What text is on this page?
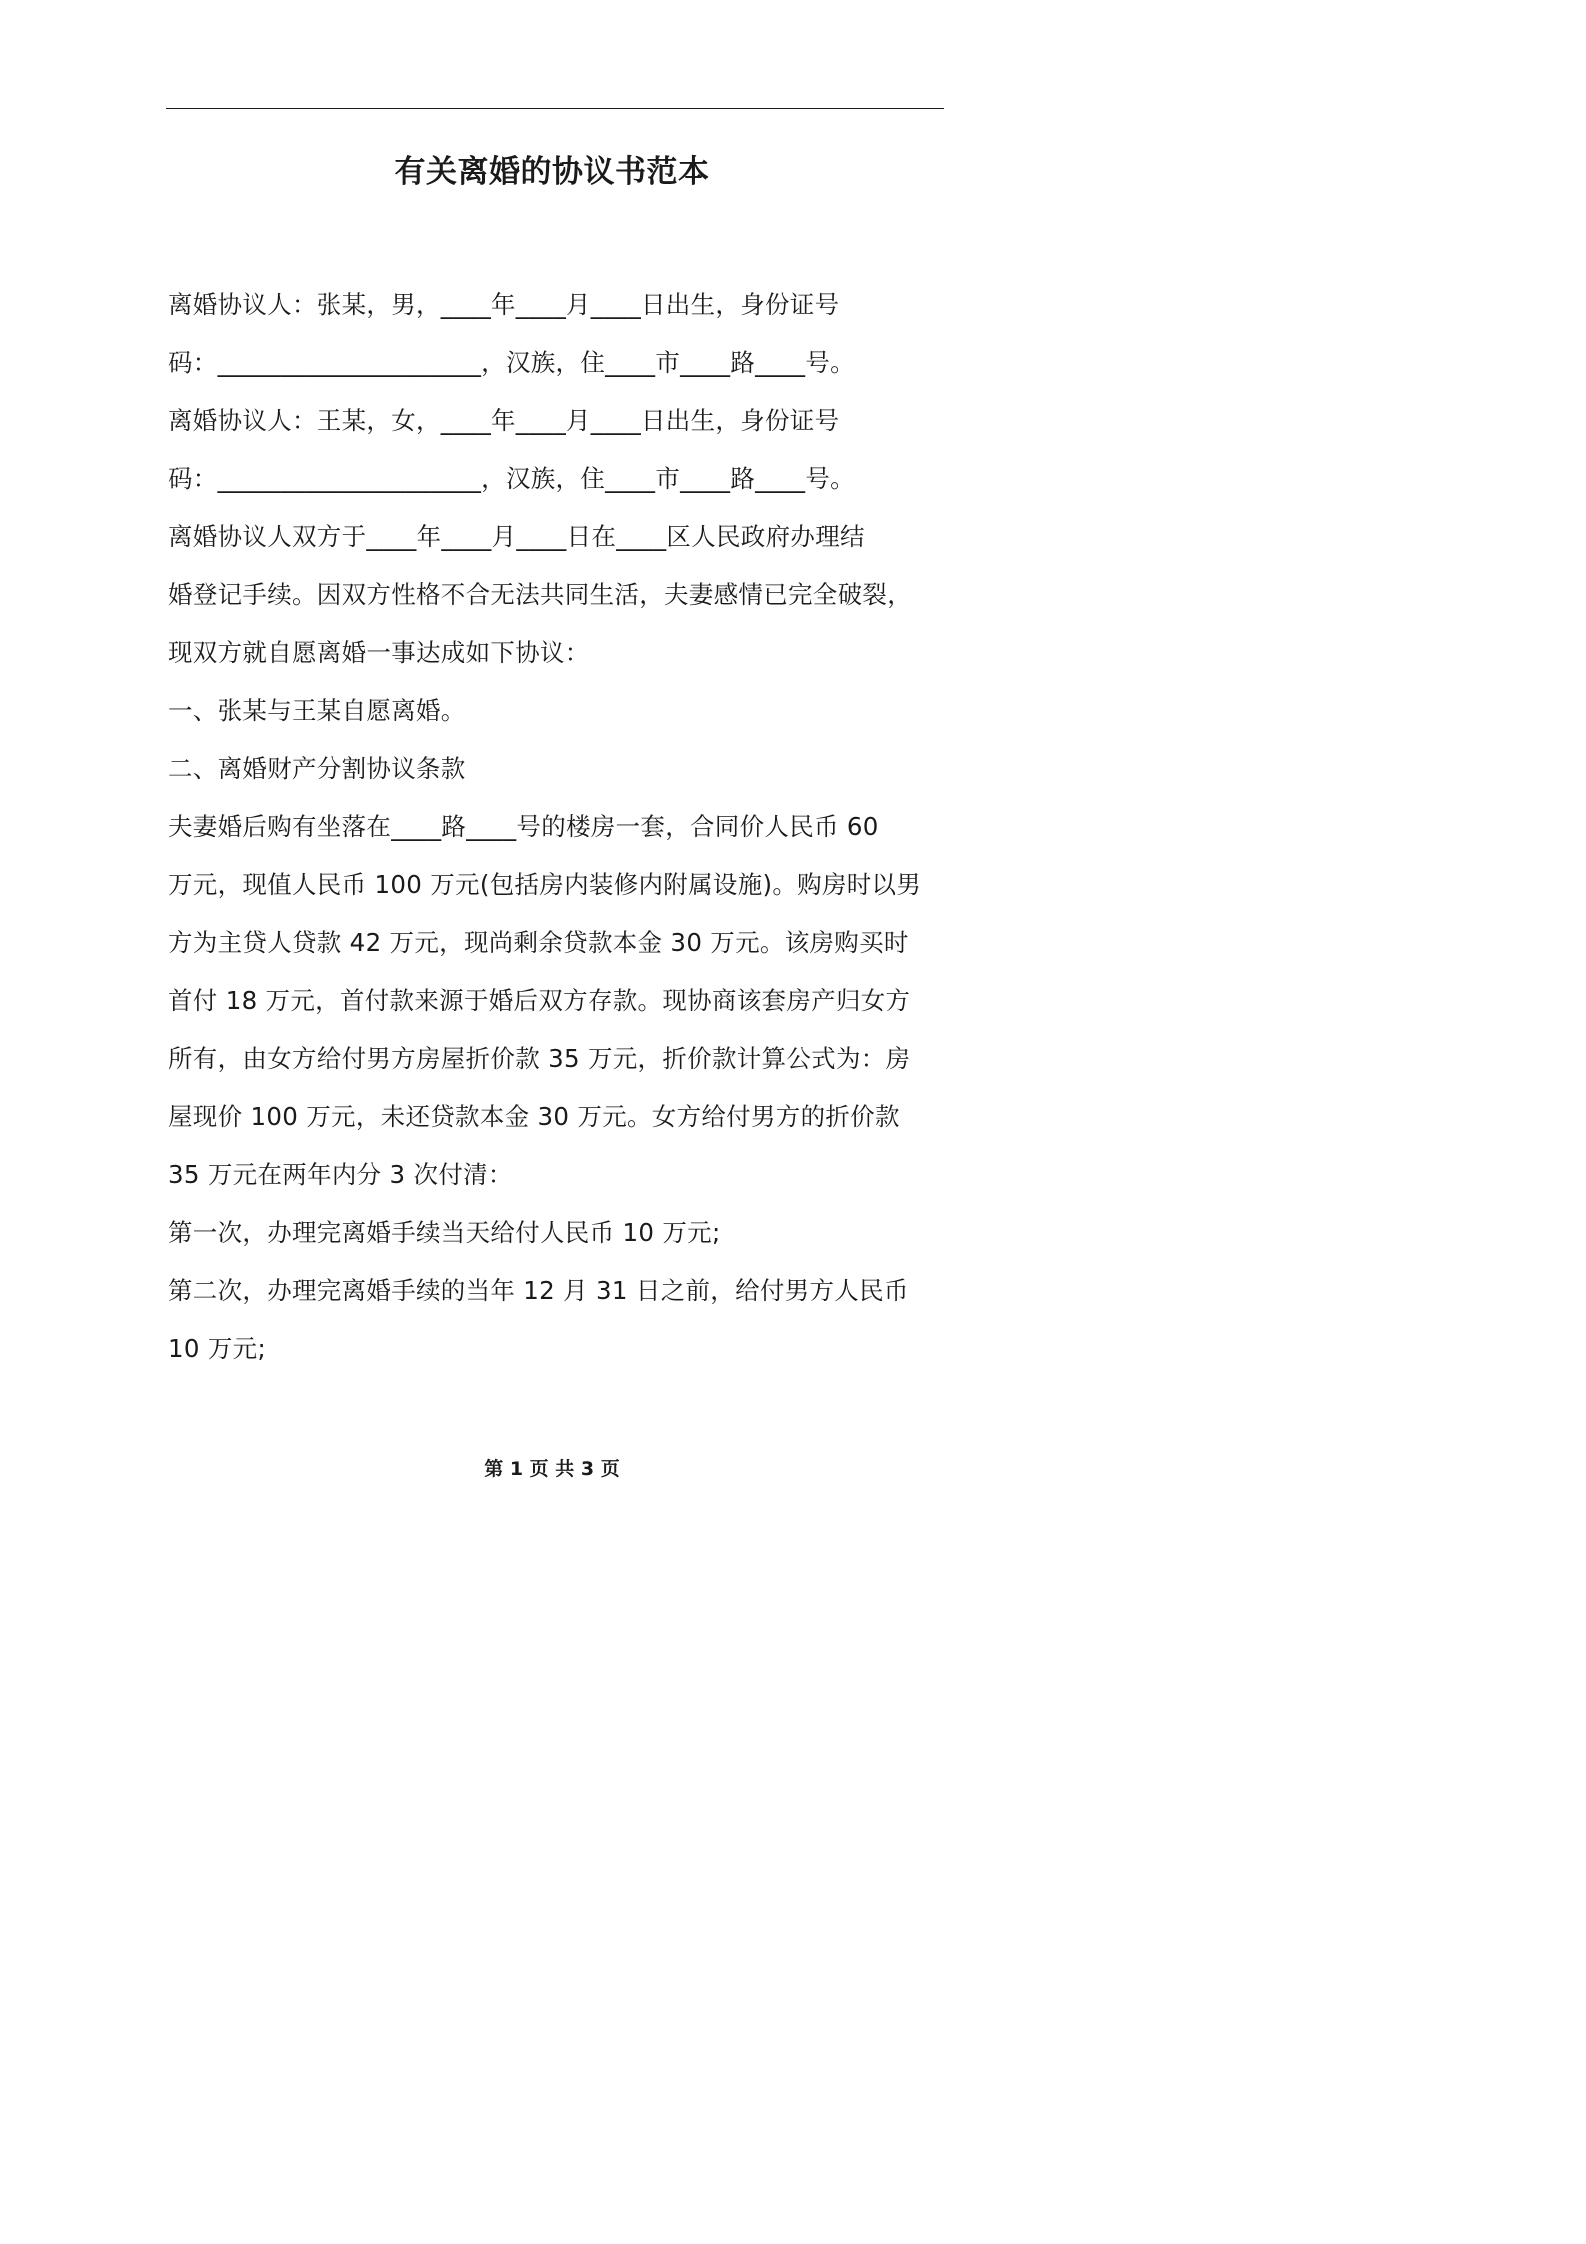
有关离婚的协议书范本
离婚协议人：张某，男，____年____月____日出生，身份证号
码：_____________________，汉族，住____市____路____号。
离婚协议人：王某，女，____年____月____日出生，身份证号
码：_____________________，汉族，住____市____路____号。
离婚协议人双方于____年____月____日在____区人民政府办理结
婚登记手续。因双方性格不合无法共同生活，夫妻感情已完全破裂，
现双方就自愿离婚一事达成如下协议：
一、张某与王某自愿离婚。
二、离婚财产分割协议条款
夫妻婚后购有坐落在____路____号的楼房一套，合同价人民币 60
万元，现值人民币 100 万元(包括房内装修内附属设施)。购房时以男
方为主贷人贷款 42 万元，现尚剩余贷款本金 30 万元。该房购买时
首付 18 万元，首付款来源于婚后双方存款。现协商该套房产归女方
所有，由女方给付男方房屋折价款 35 万元，折价款计算公式为：房
屋现价 100 万元，未还贷款本金 30 万元。女方给付男方的折价款
35 万元在两年内分 3 次付清：
第一次，办理完离婚手续当天给付人民币 10 万元;
第二次，办理完离婚手续的当年 12 月 31 日之前，给付男方人民币
10 万元;
第 1 页 共 3 页
